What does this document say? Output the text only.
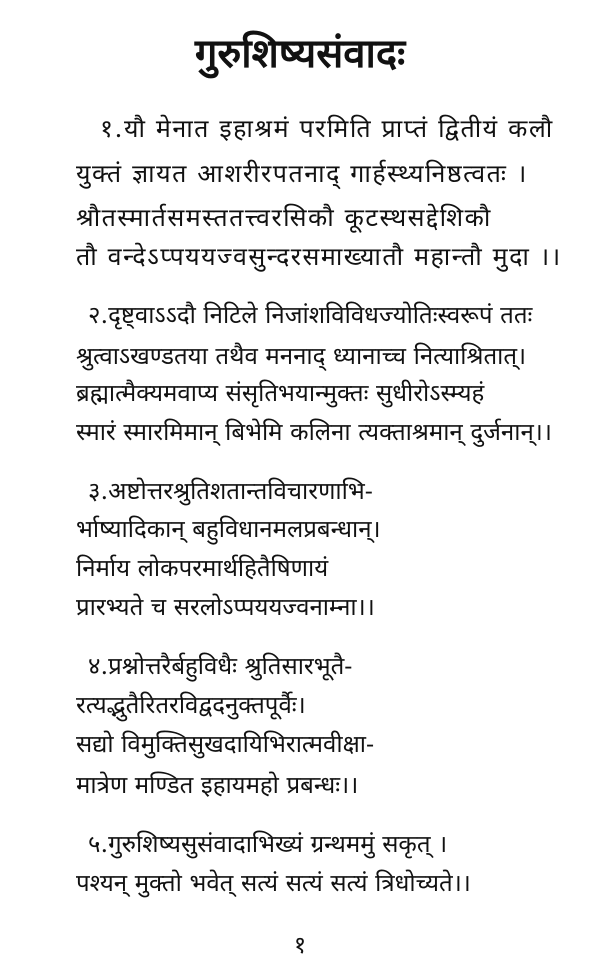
गुरुशिष्यसंवादः
१.यौ मेनात इहाश्रमं परमिति प्राप्तं द्वितीयं कलौ
युक्तं ज्ञायत आशरीरपतनाद् गार्हस्थ्यनिष्ठत्वतः ।
श्रौतस्मार्तसमस्ततत्त्वरसिकौ कूटस्थसद्देशिकौ
तौ वन्देऽप्पययज्वसुन्दरसमाख्यातौ महान्तौ मुदा ।।
२.दृष्ट्वाऽऽदौ निटिले निजांशविविधज्योतिःस्वरूपं ततः
श्रुत्वाऽखण्डतया तथैव मननाद् ध्यानाच्च नित्याश्रितात्।
ब्रह्मात्मैक्यमवाप्य संसृतिभयान्मुक्तः सुधीरोऽस्म्यहं
स्मारं स्मारमिमान् बिभेमि कलिना त्यक्ताश्रमान् दुर्जनान्।।
३.अष्टोत्तरश्रुतिशतान्तविचारणाभि-
र्भाष्यादिकान् बहुविधानमलप्रबन्धान्।
निर्माय लोकपरमार्थहितैषिणायं
प्रारभ्यते च सरलोऽप्पययज्वनाम्ना।।
४.प्रश्नोत्तरैर्बहुविधैः श्रुतिसारभूतै-
रत्यद्भुतैरितरविद्वदनुक्तपूर्वैः।
सद्यो विमुक्तिसुखदायिभिरात्मवीक्षा-
मात्रेण मण्डित इहायमहो प्रबन्धः।।
५.गुरुशिष्यसुसंवादाभिख्यं ग्रन्थममुं सकृत् ।
पश्यन् मुक्तो भवेत् सत्यं सत्यं सत्यं त्रिधोच्यते।।
१
